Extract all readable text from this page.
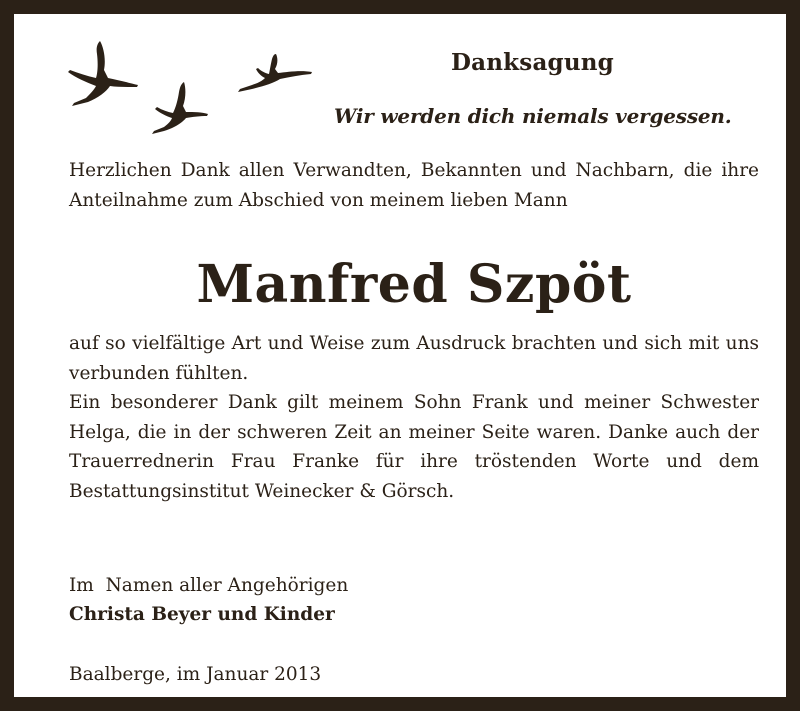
Danksagung
Wir werden dich niemals vergessen.
Herzlichen Dank allen Verwandten, Bekannten und Nachbarn, die ihre Anteilnahme zum Abschied von meinem lieben Mann
Manfred Szpöt
auf so vielfältige Art und Weise zum Ausdruck brachten und sich mit uns verbunden fühlten.
Ein besonderer Dank gilt meinem Sohn Frank und meiner Schwester Helga, die in der schweren Zeit an meiner Seite waren. Danke auch der Trauerrednerin Frau Franke für ihre tröstenden Worte und dem Bestattungsinstitut Weinecker & Görsch.
Im  Namen aller Angehörigen
Christa Beyer und Kinder
Baalberge, im Januar 2013
